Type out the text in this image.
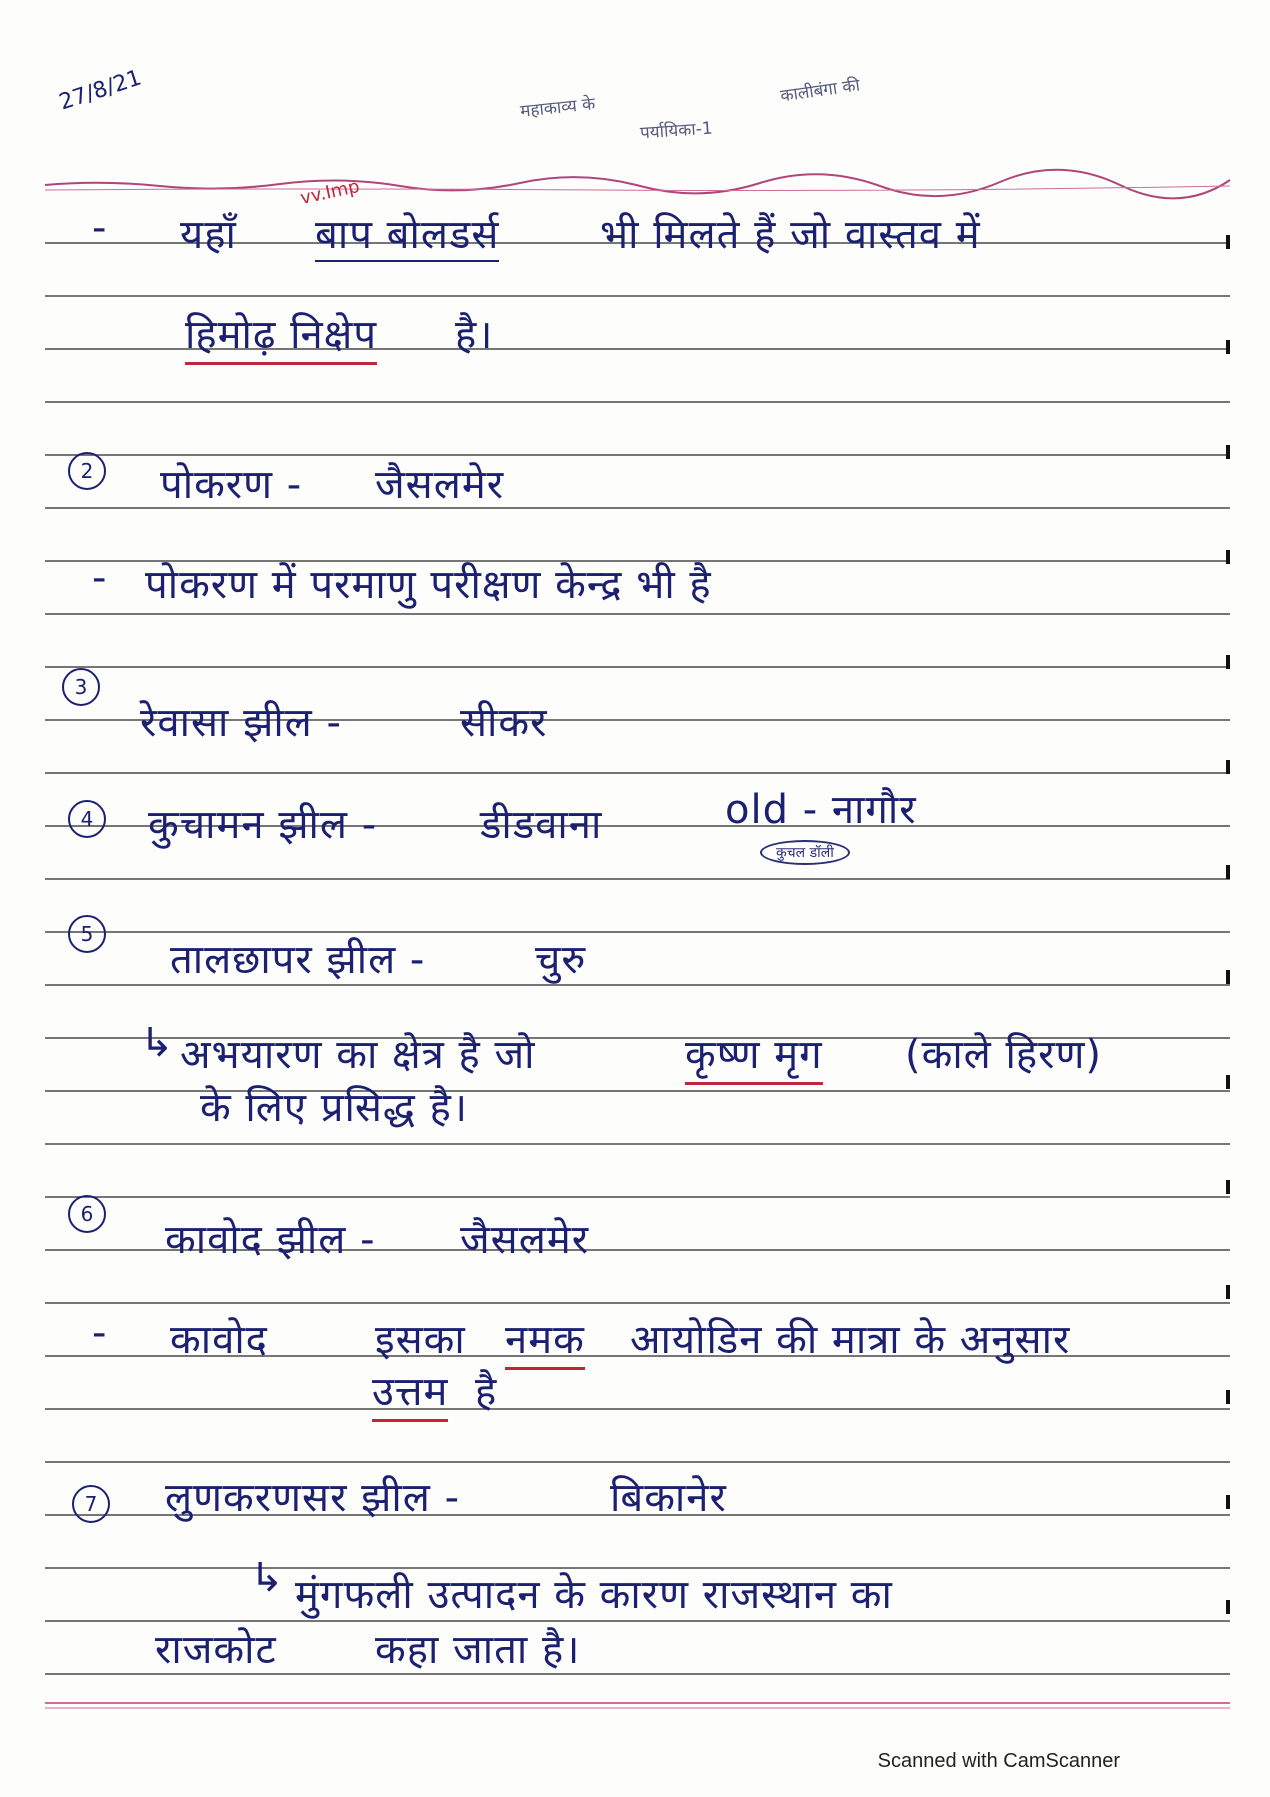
27/8/21	महाकाव्य के
पर्यायिका-1
कालीबंगा की
vv.Imp
- यहाँ बाप बोलडर्स	भी मिलते हैं जो वास्तव में
हिमोढ़ निक्षेप है।
2	पोकरण - जैसलमेर
- पोकरण में परमाणु परीक्षण केन्द्र भी है
3
रेवासा झील -	सीकर
4	कुचामन झील -	डीडवाना	old - नागौर
कुचल डॉली
5
तालछापर झील -	चुरु
↳ अभयारण का क्षेत्र है जो	कृष्ण मृग (काले हिरण)
के लिए प्रसिद्ध है।
6
कावोद झील - जैसलमेर
- कावोद	इसका नमक आयोडिन की मात्रा के अनुसार
उत्तम है
7	लुणकरणसर झील -	बिकानेर
↳ मुंगफली उत्पादन के कारण राजस्थान का
राजकोट कहा जाता है।
Scanned with CamScanner
